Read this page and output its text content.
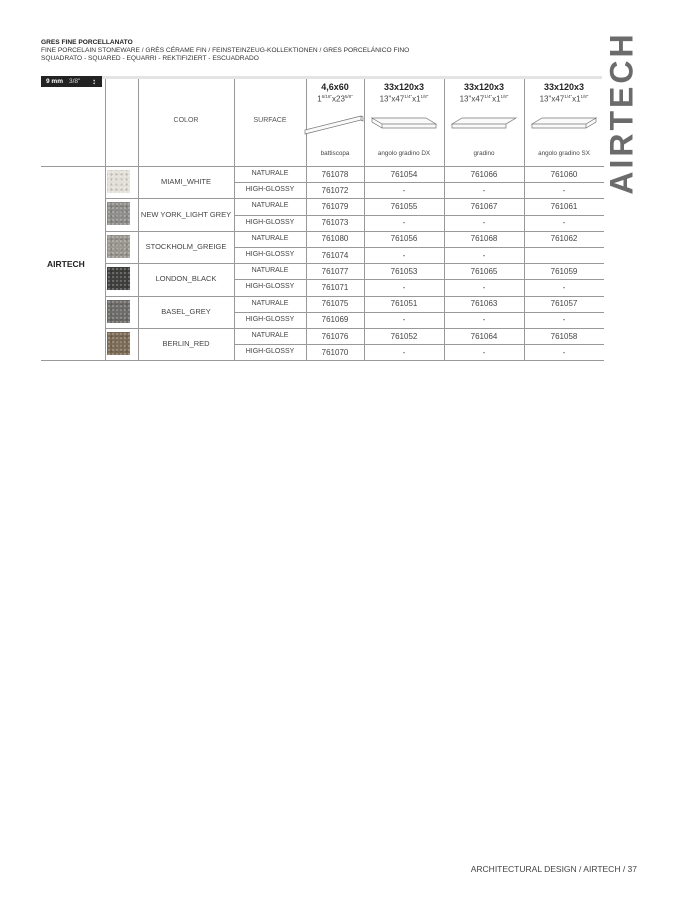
GRES FINE PORCELLANATO
FINE PORCELAIN STONEWARE / GRÈS CÉRAME FIN / FEINSTEINZEUG-KOLLEKTIONEN / GRES PORCELÁNICO FINO
SQUADRATO - SQUARED - EQUARRI - REKTIFIZIERT - ESCUADRADO	AIRTECH
9 mm 3/8" ↕
COLOR	SURFACE
4,6x60
$1^{6/16"}x23^{5/8"}$
battiscopa
33x120x3
$13"x47^{1/4"}x1^{1/8"}$
angolo gradino DX
33x120x3
$13"x47^{1/4"}x1^{1/8"}$
gradino
33x120x3
$13"x47^{1/4"}x1^{1/8"}$
angolo gradino SX
MIAMI_WHITE
NATURALE	761078	761054	761066	761060
HIGH-GLOSSY	761072	-	-	-
NEW YORK_LIGHT GREY
NATURALE	761079	761055	761067	761061
HIGH-GLOSSY	761073	-	-	-
STOCKHOLM_GREIGE
NATURALE	761080	761056	761068	761062
HIGH-GLOSSY	761074	-	-
LONDON_BLACK
NATURALE	761077	761053	761065	761059
HIGH-GLOSSY	761071	-	-	-
BASEL_GREY
NATURALE	761075	761051	761063	761057
HIGH-GLOSSY	761069	-	-	-
BERLIN_RED
NATURALE	761076	761052	761064	761058
HIGH-GLOSSY	761070	-	-	-
AIRTECH
ARCHITECTURAL DESIGN / AIRTECH / 37
